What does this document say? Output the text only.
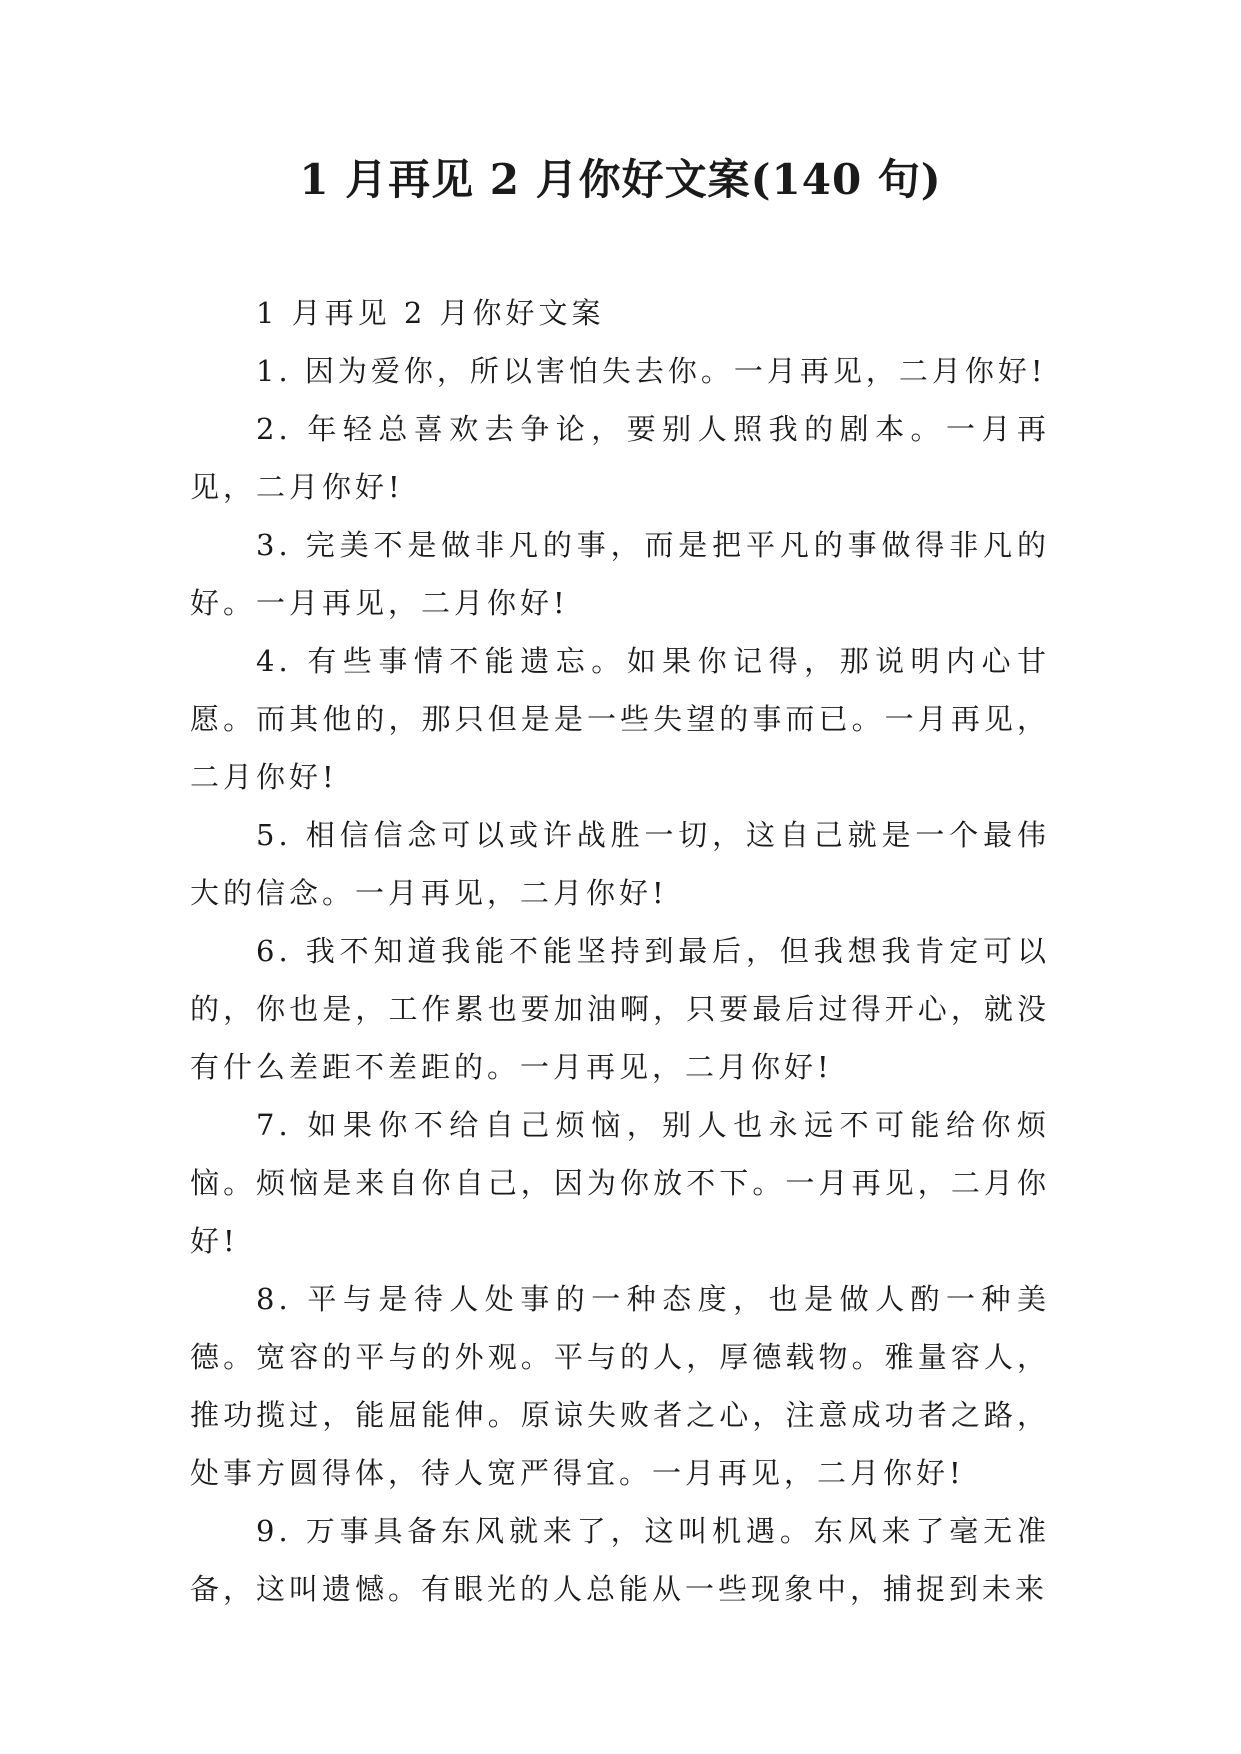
1 月再见 2 月你好文案(140 句)

1 月再见 2 月你好文案

1. 因为爱你，所以害怕失去你。一月再见，二月你好!

2. 年轻总喜欢去争论，要别人照我的剧本。一月再见，二月你好!

3. 完美不是做非凡的事，而是把平凡的事做得非凡的好。一月再见，二月你好!

4. 有些事情不能遗忘。如果你记得，那说明内心甘愿。而其他的，那只但是是一些失望的事而已。一月再见，二月你好!

5. 相信信念可以或许战胜一切，这自己就是一个最伟大的信念。一月再见，二月你好!

6. 我不知道我能不能坚持到最后，但我想我肯定可以的，你也是，工作累也要加油啊，只要最后过得开心，就没有什么差距不差距的。一月再见，二月你好!

7. 如果你不给自己烦恼，别人也永远不可能给你烦恼。烦恼是来自你自己，因为你放不下。一月再见，二月你好!

8. 平与是待人处事的一种态度，也是做人酌一种美德。宽容的平与的外观。平与的人，厚德载物。雅量容人，推功揽过，能屈能伸。原谅失败者之心，注意成功者之路，处事方圆得体，待人宽严得宜。一月再见，二月你好!

9. 万事具备东风就来了，这叫机遇。东风来了毫无准备，这叫遗憾。有眼光的人总能从一些现象中，捕捉到未来
